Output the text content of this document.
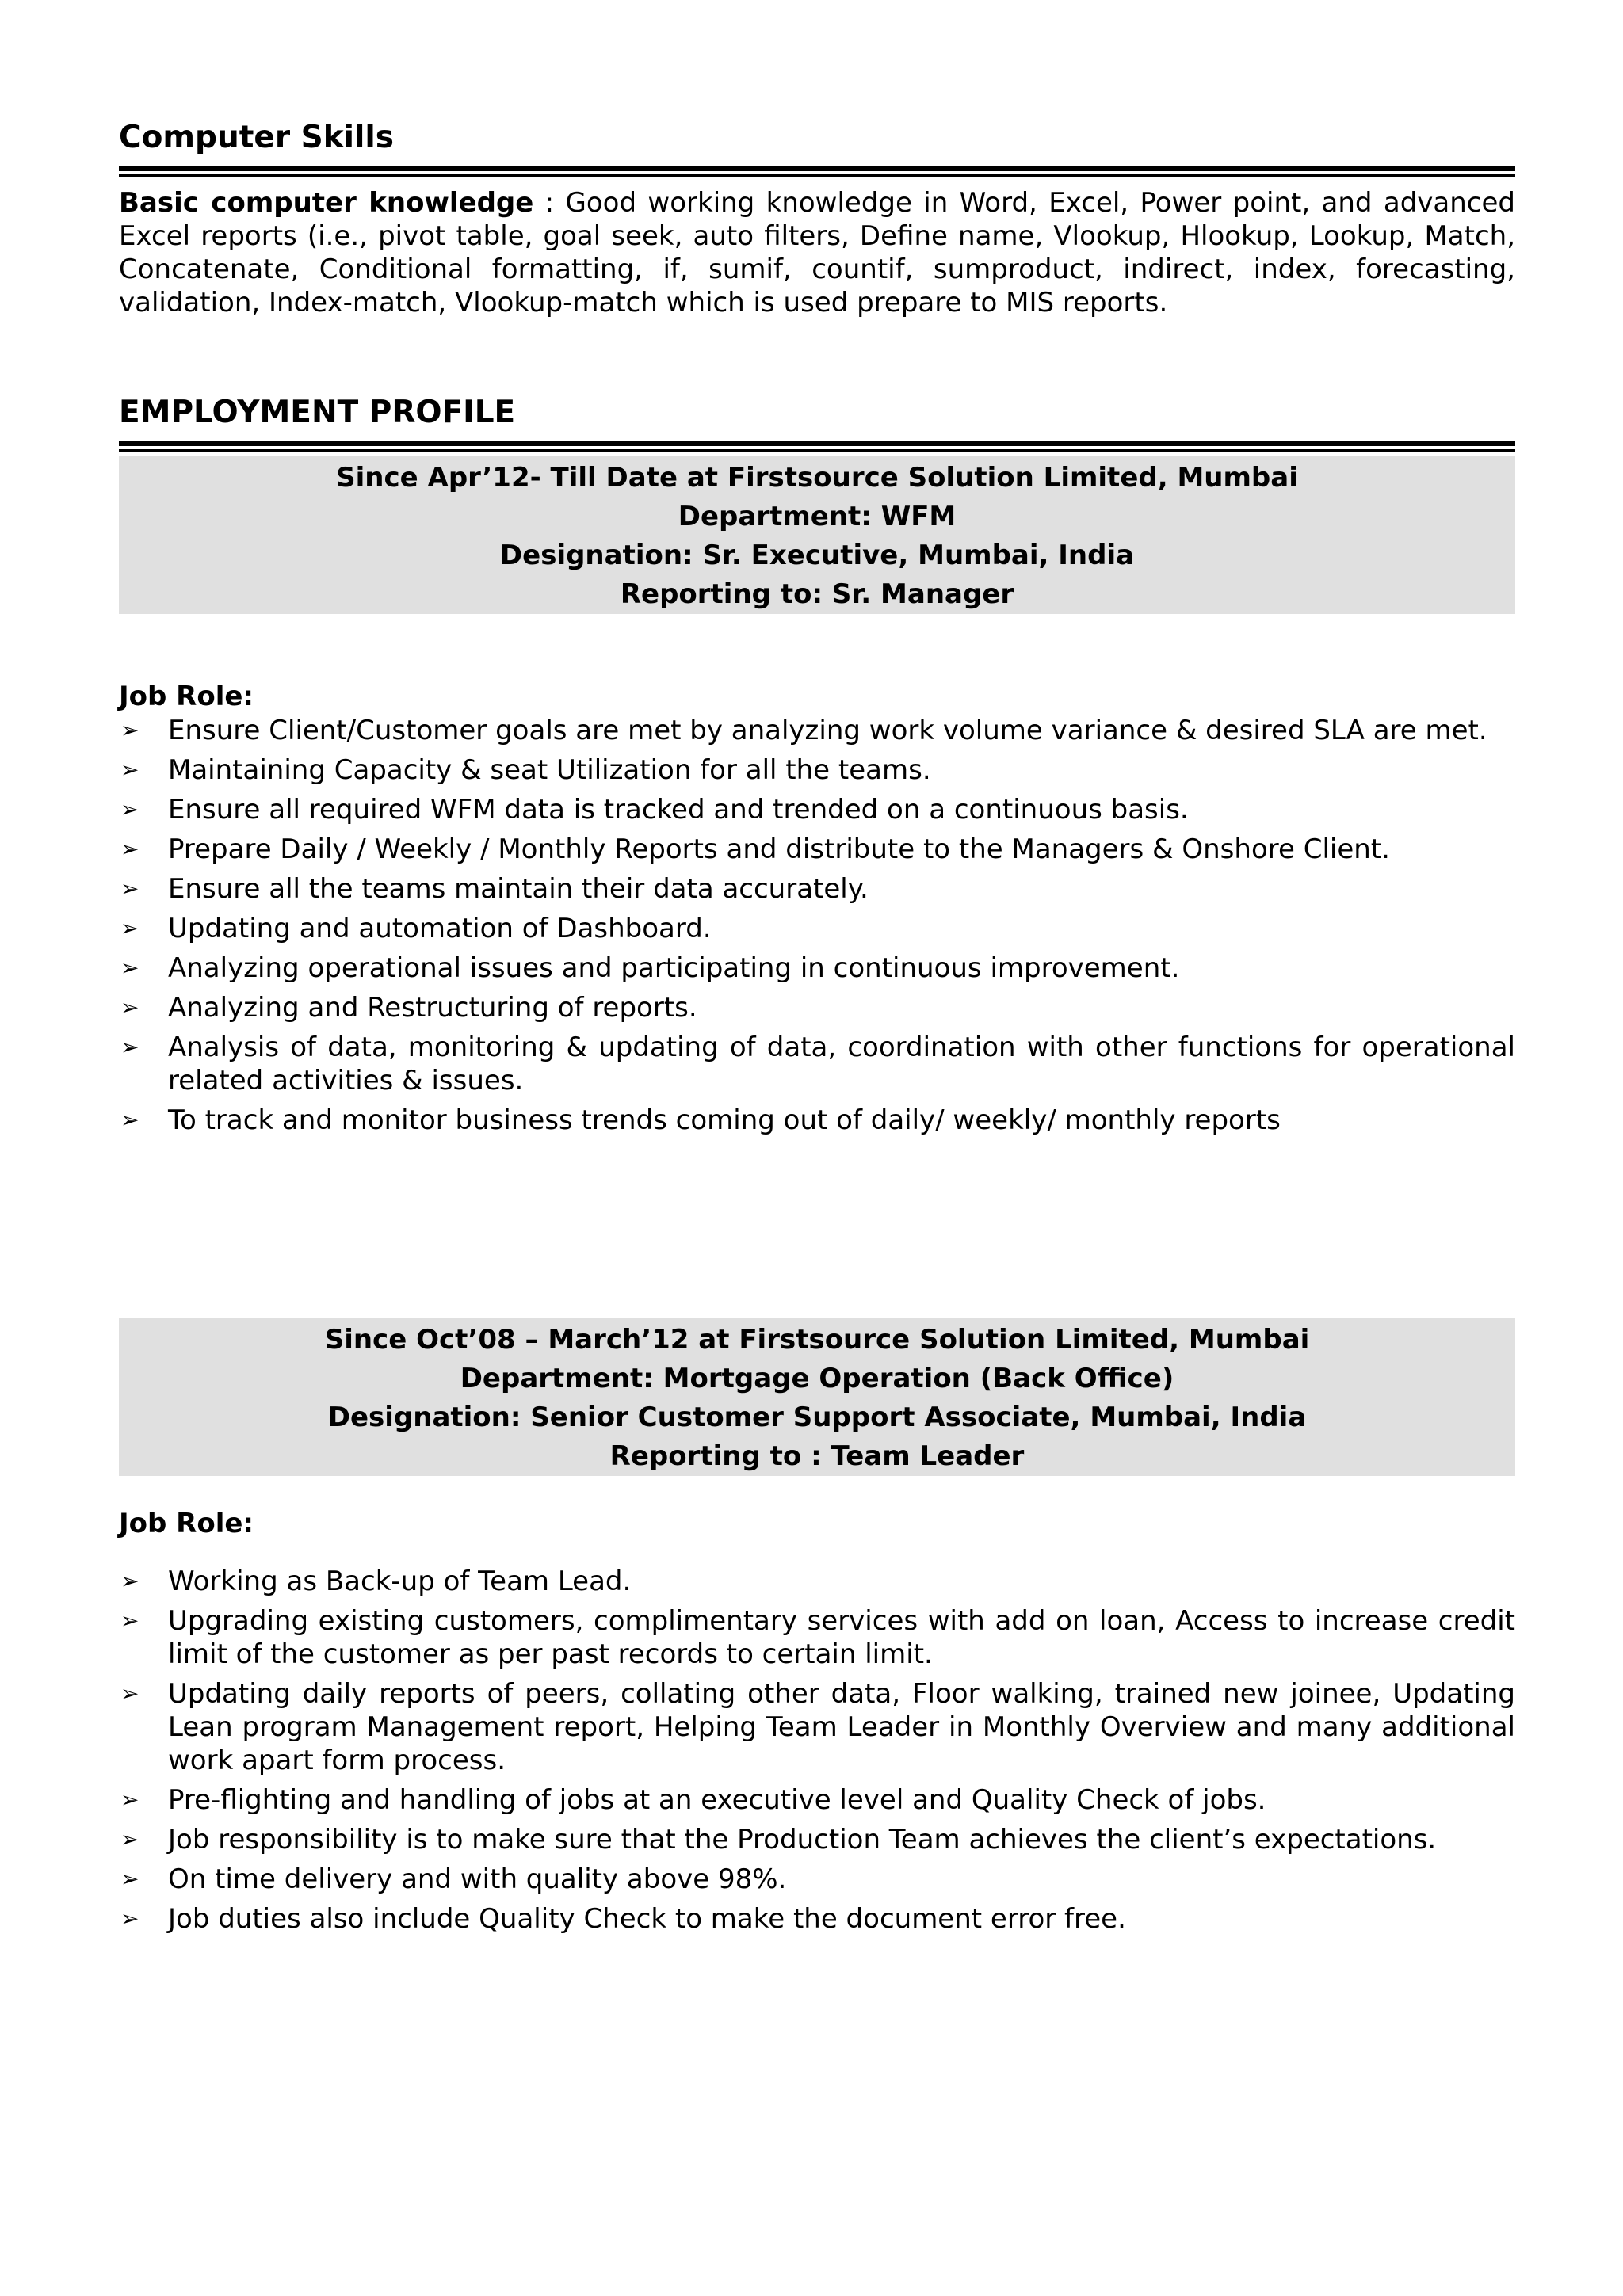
Computer Skills
Basic computer knowledge : Good working knowledge in Word, Excel, Power point, and advanced Excel reports (i.e., pivot table, goal seek, auto filters, Define name, Vlookup, Hlookup, Lookup, Match, Concatenate, Conditional formatting, if, sumif, countif, sumproduct, indirect, index, forecasting, validation, Index-match, Vlookup-match which is used prepare to MIS reports.
EMPLOYMENT PROFILE
Since Apr’12- Till Date at Firstsource Solution Limited, Mumbai
Department: WFM
Designation: Sr. Executive, Mumbai, India
Reporting to: Sr. Manager
Job Role:
➢ Ensure Client/Customer goals are met by analyzing work volume variance & desired SLA are met.
➢ Maintaining Capacity & seat Utilization for all the teams.
➢ Ensure all required WFM data is tracked and trended on a continuous basis.
➢ Prepare Daily / Weekly / Monthly Reports and distribute to the Managers & Onshore Client.
➢ Ensure all the teams maintain their data accurately.
➢ Updating and automation of Dashboard.
➢ Analyzing operational issues and participating in continuous improvement.
➢ Analyzing and Restructuring of reports.
➢ Analysis of data, monitoring & updating of data, coordination with other functions for operational related activities & issues.
➢ To track and monitor business trends coming out of daily/ weekly/ monthly reports
Since Oct’08 – March’12 at Firstsource Solution Limited, Mumbai
Department: Mortgage Operation (Back Office)
Designation: Senior Customer Support Associate, Mumbai, India
Reporting to : Team Leader
Job Role:
➢ Working as Back-up of Team Lead.
➢ Upgrading existing customers, complimentary services with add on loan, Access to increase credit limit of the customer as per past records to certain limit.
➢ Updating daily reports of peers, collating other data, Floor walking, trained new joinee, Updating Lean program Management report, Helping Team Leader in Monthly Overview and many additional work apart form process.
➢ Pre-flighting and handling of jobs at an executive level and Quality Check of jobs.
➢ Job responsibility is to make sure that the Production Team achieves the client’s expectations.
➢ On time delivery and with quality above 98%.
➢ Job duties also include Quality Check to make the document error free.
